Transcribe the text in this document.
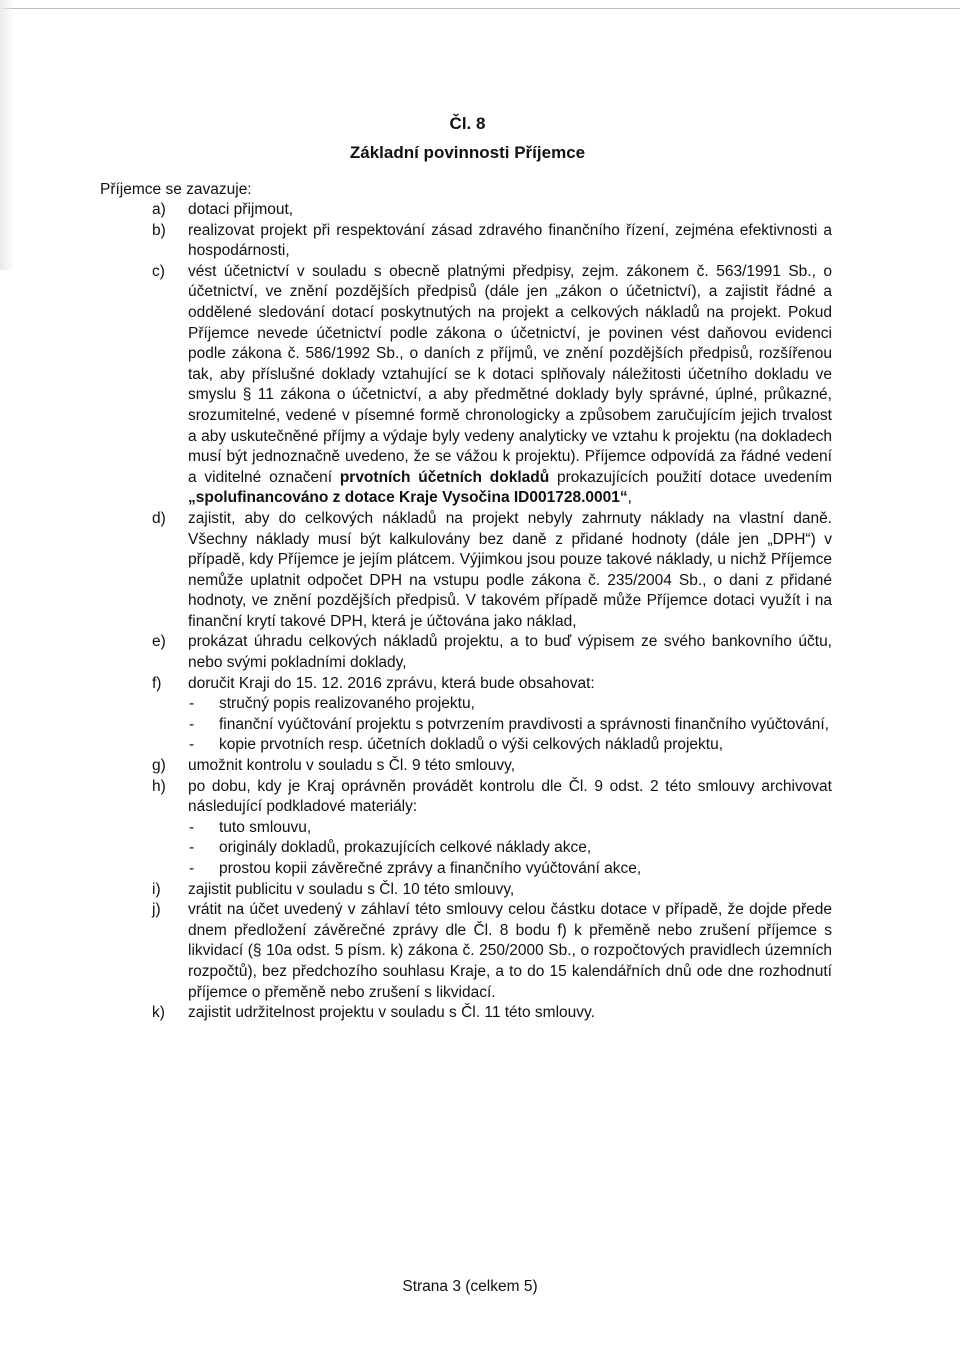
Čl. 8
Základní povinnosti Příjemce
Příjemce se zavazuje:
a) dotaci přijmout,
b) realizovat projekt při respektování zásad zdravého finančního řízení, zejména efektivnosti a hospodárnosti,
c) vést účetnictví v souladu s obecně platnými předpisy, zejm. zákonem č. 563/1991 Sb., o účetnictví, ve znění pozdějších předpisů (dále jen „zákon o účetnictví), a zajistit řádné a oddělené sledování dotací poskytnutých na projekt a celkových nákladů na projekt. Pokud Příjemce nevede účetnictví podle zákona o účetnictví, je povinen vést daňovou evidenci podle zákona č. 586/1992 Sb., o daních z příjmů, ve znění pozdějších předpisů, rozšířenou tak, aby příslušné doklady vztahující se k dotaci splňovaly náležitosti účetního dokladu ve smyslu § 11 zákona o účetnictví, a aby předmětné doklady byly správné, úplné, průkazné, srozumitelné, vedené v písemné formě chronologicky a způsobem zaručujícím jejich trvalost a aby uskutečněné příjmy a výdaje byly vedeny analyticky ve vztahu k projektu (na dokladech musí být jednoznačně uvedeno, že se vážou k projektu). Příjemce odpovídá za řádné vedení a viditelné označení prvotních účetních dokladů prokazujících použití dotace uvedením „spolufinancováno z dotace Kraje Vysočina ID001728.0001“,
d) zajistit, aby do celkových nákladů na projekt nebyly zahrnuty náklady na vlastní daně. Všechny náklady musí být kalkulovány bez daně z přidané hodnoty (dále jen „DPH“) v případě, kdy Příjemce je jejím plátcem. Výjimkou jsou pouze takové náklady, u nichž Příjemce nemůže uplatnit odpočet DPH na vstupu podle zákona č. 235/2004 Sb., o dani z přidané hodnoty, ve znění pozdějších předpisů. V takovém případě může Příjemce dotaci využít i na finanční krytí takové DPH, která je účtována jako náklad,
e) prokázat úhradu celkových nákladů projektu, a to buď výpisem ze svého bankovního účtu, nebo svými pokladními doklady,
f) doručit Kraji do 15. 12. 2016 zprávu, která bude obsahovat:
- stručný popis realizovaného projektu,
- finanční vyúčtování projektu s potvrzením pravdivosti a správnosti finančního vyúčtování,
- kopie prvotních resp. účetních dokladů o výši celkových nákladů projektu,
g) umožnit kontrolu v souladu s Čl. 9 této smlouvy,
h) po dobu, kdy je Kraj oprávněn provádět kontrolu dle Čl. 9 odst. 2 této smlouvy archivovat následující podkladové materiály:
- tuto smlouvu,
- originály dokladů, prokazujících celkové náklady akce,
- prostou kopii závěrečné zprávy a finančního vyúčtování akce,
i) zajistit publicitu v souladu s Čl. 10 této smlouvy,
j) vrátit na účet uvedený v záhlaví této smlouvy celou částku dotace v případě, že dojde přede dnem předložení závěrečné zprávy dle Čl. 8 bodu f) k přeměně nebo zrušení příjemce s likvidací (§ 10a odst. 5 písm. k) zákona č. 250/2000 Sb., o rozpočtových pravidlech územních rozpočtů), bez předchozího souhlasu Kraje, a to do 15 kalendářních dnů ode dne rozhodnutí příjemce o přeměně nebo zrušení s likvidací.
k) zajistit udržitelnost projektu v souladu s Čl. 11 této smlouvy.
Strana 3 (celkem 5)
